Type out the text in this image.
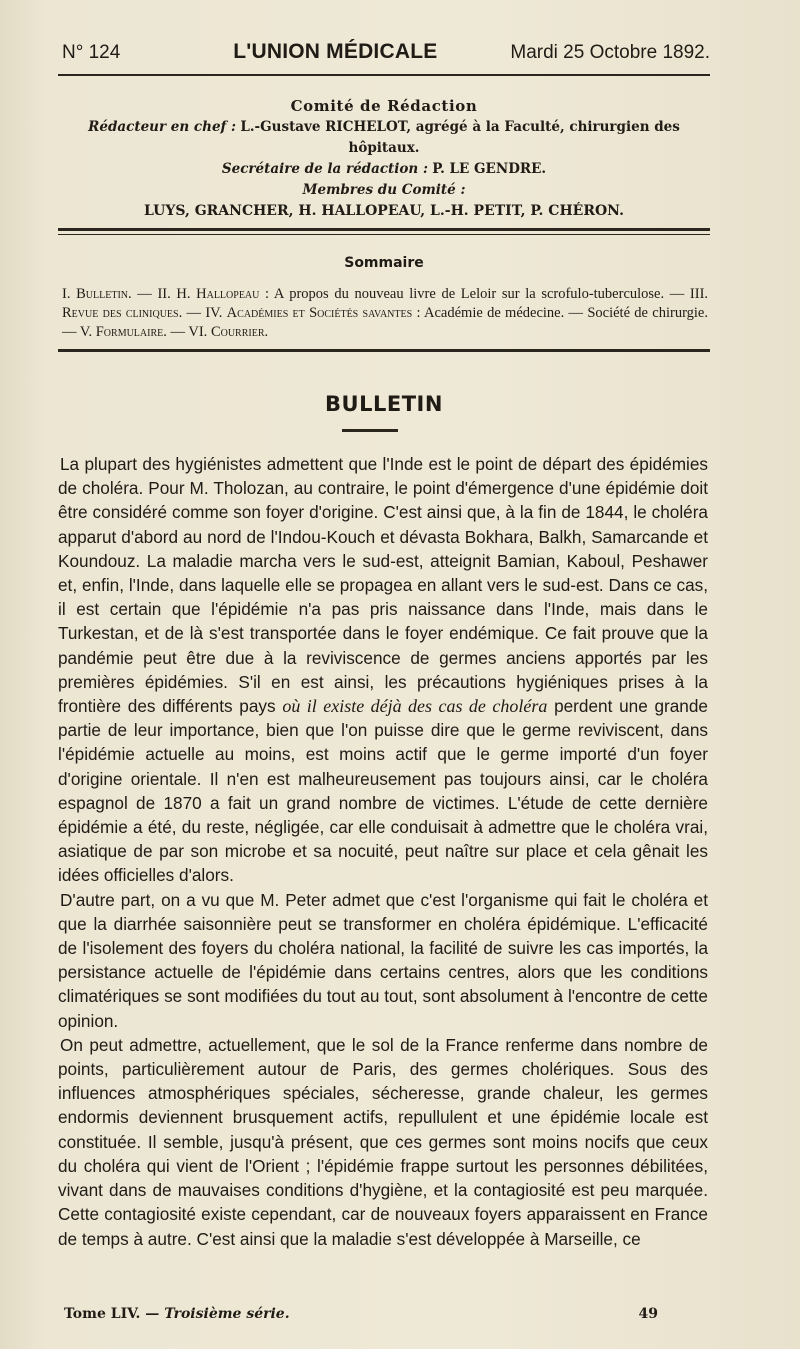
N° 124	L'UNION MÉDICALE	Mardi 25 Octobre 1892.
Comité de Rédaction
Rédacteur en chef : L.-Gustave RICHELOT, agrégé à la Faculté, chirurgien des hôpitaux.
Secrétaire de la rédaction : P. LE GENDRE.
Membres du Comité :
LUYS, GRANCHER, H. HALLOPEAU, L.-H. PETIT, P. CHÉRON.
Sommaire
I. Bulletin. — II. H. Hallopeau : A propos du nouveau livre de Leloir sur la scrofulo-tuberculose. — III. Revue des cliniques. — IV. Académies et Sociétés savantes : Académie de médecine. — Société de chirurgie. — V. Formulaire. — VI. Courrier.
BULLETIN

La plupart des hygiénistes admettent que l'Inde est le point de départ des épidémies de choléra. Pour M. Tholozan, au contraire, le point d'émergence d'une épidémie doit être considéré comme son foyer d'origine. C'est ainsi que, à la fin de 1844, le choléra apparut d'abord au nord de l'Indou-Kouch et dévasta Bokhara, Balkh, Samarcande et Koundouz. La maladie marcha vers le sud-est, atteignit Bamian, Kaboul, Peshawer et, enfin, l'Inde, dans laquelle elle se propagea en allant vers le sud-est. Dans ce cas, il est certain que l'épidémie n'a pas pris naissance dans l'Inde, mais dans le Turkestan, et de là s'est transportée dans le foyer endémique. Ce fait prouve que la pandémie peut être due à la reviviscence de germes anciens apportés par les premières épidémies. S'il en est ainsi, les précautions hygiéniques prises à la frontière des différents pays où il existe déjà des cas de choléra perdent une grande partie de leur importance, bien que l'on puisse dire que le germe reviviscent, dans l'épidémie actuelle au moins, est moins actif que le germe importé d'un foyer d'origine orientale. Il n'en est malheureusement pas toujours ainsi, car le choléra espagnol de 1870 a fait un grand nombre de victimes. L'étude de cette dernière épidémie a été, du reste, négligée, car elle conduisait à admettre que le choléra vrai, asiatique de par son microbe et sa nocuité, peut naître sur place et cela gênait les idées officielles d'alors.

D'autre part, on a vu que M. Peter admet que c'est l'organisme qui fait le choléra et que la diarrhée saisonnière peut se transformer en choléra épidémique. L'efficacité de l'isolement des foyers du choléra national, la facilité de suivre les cas importés, la persistance actuelle de l'épidémie dans certains centres, alors que les conditions climatériques se sont modifiées du tout au tout, sont absolument à l'encontre de cette opinion.

On peut admettre, actuellement, que le sol de la France renferme dans nombre de points, particulièrement autour de Paris, des germes cholériques. Sous des influences atmosphériques spéciales, sécheresse, grande chaleur, les germes endormis deviennent brusquement actifs, repullulent et une épidémie locale est constituée. Il semble, jusqu'à présent, que ces germes sont moins nocifs que ceux du choléra qui vient de l'Orient ; l'épidémie frappe surtout les personnes débilitées, vivant dans de mauvaises conditions d'hygiène, et la contagiosité est peu marquée. Cette contagiosité existe cependant, car de nouveaux foyers apparaissent en France de temps à autre. C'est ainsi que la maladie s'est développée à Marseille, ce

Tome LIV. — Troisième série.	49
